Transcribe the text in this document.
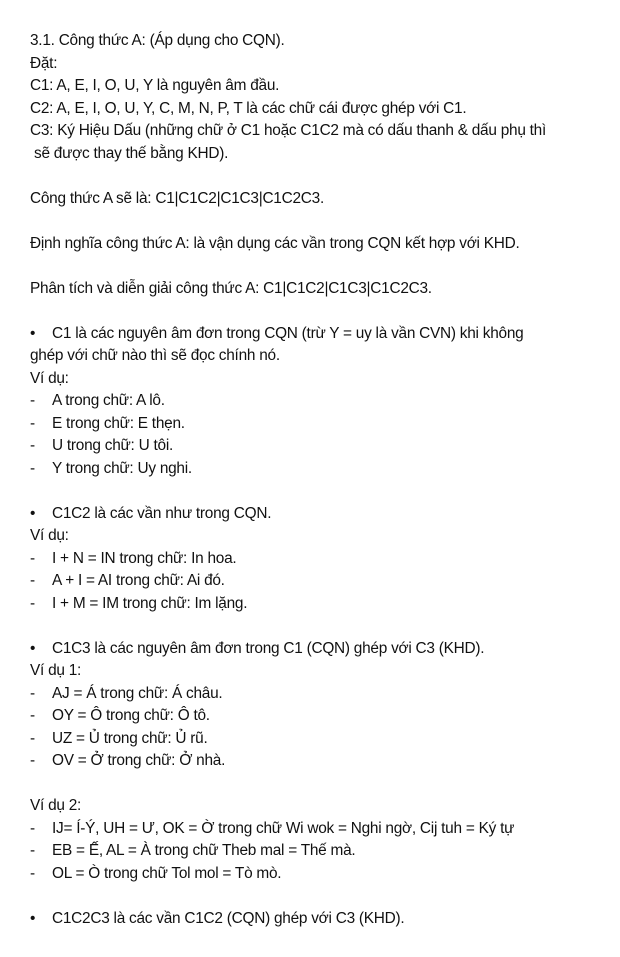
3.1. Công thức A: (Áp dụng cho CQN).
Đặt:
C1: A, E, I, O, U, Y là nguyên âm đầu.
C2: A, E, I, O, U, Y, C, M, N, P, T là các chữ cái được ghép với C1.
C3: Ký Hiệu Dấu (những chữ ở C1 hoặc C1C2 mà có dấu thanh & dấu phụ thì
sẽ được thay thế bằng KHD).
Công thức A sẽ là: C1|C1C2|C1C3|C1C2C3.
Định nghĩa công thức A: là vận dụng các vần trong CQN kết hợp với KHD.
Phân tích và diễn giải công thức A: C1|C1C2|C1C3|C1C2C3.
• C1 là các nguyên âm đơn trong CQN (trừ Y = uy là vần CVN) khi không
ghép với chữ nào thì sẽ đọc chính nó.
Ví dụ:
-	A trong chữ: A lô.
-	E trong chữ: E thẹn.
-	U trong chữ: U tôi.
-	Y trong chữ: Uy nghi.
• C1C2 là các vần như trong CQN.
Ví dụ:
-	I + N = IN trong chữ: In hoa.
-	A + I = AI trong chữ: Ai đó.
-	I + M = IM trong chữ: Im lặng.
• C1C3 là các nguyên âm đơn trong C1 (CQN) ghép với C3 (KHD).
Ví dụ 1:
-	AJ = Á trong chữ: Á châu.
-	OY = Ô trong chữ: Ô tô.
-	UZ = Ủ trong chữ: Ủ rũ.
-	OV = Ở trong chữ: Ở nhà.
Ví dụ 2:
-	IJ= Í-Ý, UH = Ư, OK = Ờ trong chữ Wi wok = Nghi ngờ, Cij tuh = Ký tự
-	EB = Ế, AL = À trong chữ Theb mal = Thế mà.
-	OL = Ò trong chữ Tol mol = Tò mò.
• C1C2C3 là các vần C1C2 (CQN) ghép với C3 (KHD).
